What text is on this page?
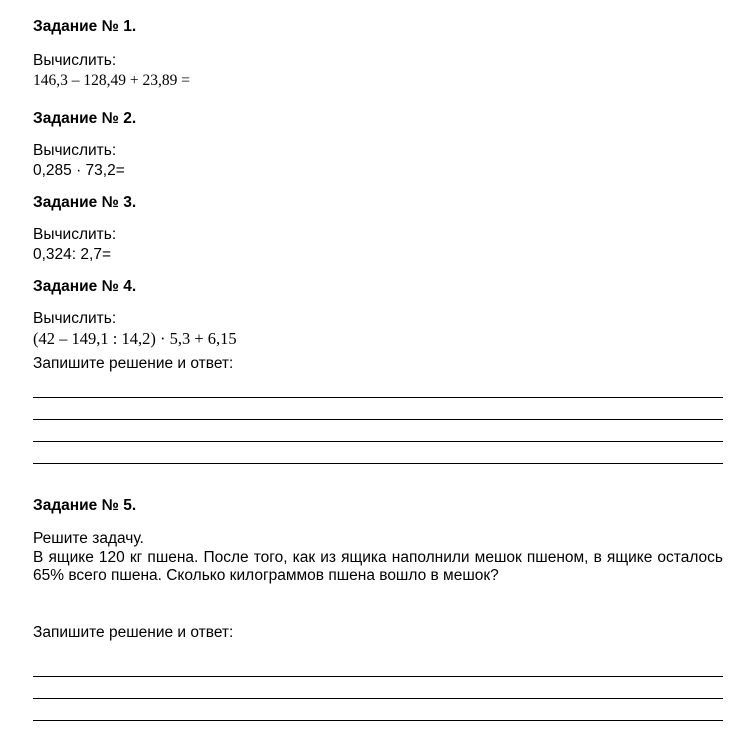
Задание № 1.
Вычислить:
146,3 – 128,49 + 23,89 =
Задание № 2.
Вычислить:
0,285 · 73,2=
Задание № 3.
Вычислить:
0,324: 2,7=
Задание № 4.
Вычислить:
(42 – 149,1 : 14,2) · 5,3 + 6,15
Запишите решение и ответ:
Задание № 5.
Решите задачу.
В ящике 120 кг пшена. После того, как из ящика наполнили мешок пшеном, в ящике осталось 65% всего пшена. Сколько килограммов пшена вошло в мешок?
Запишите решение и ответ:
